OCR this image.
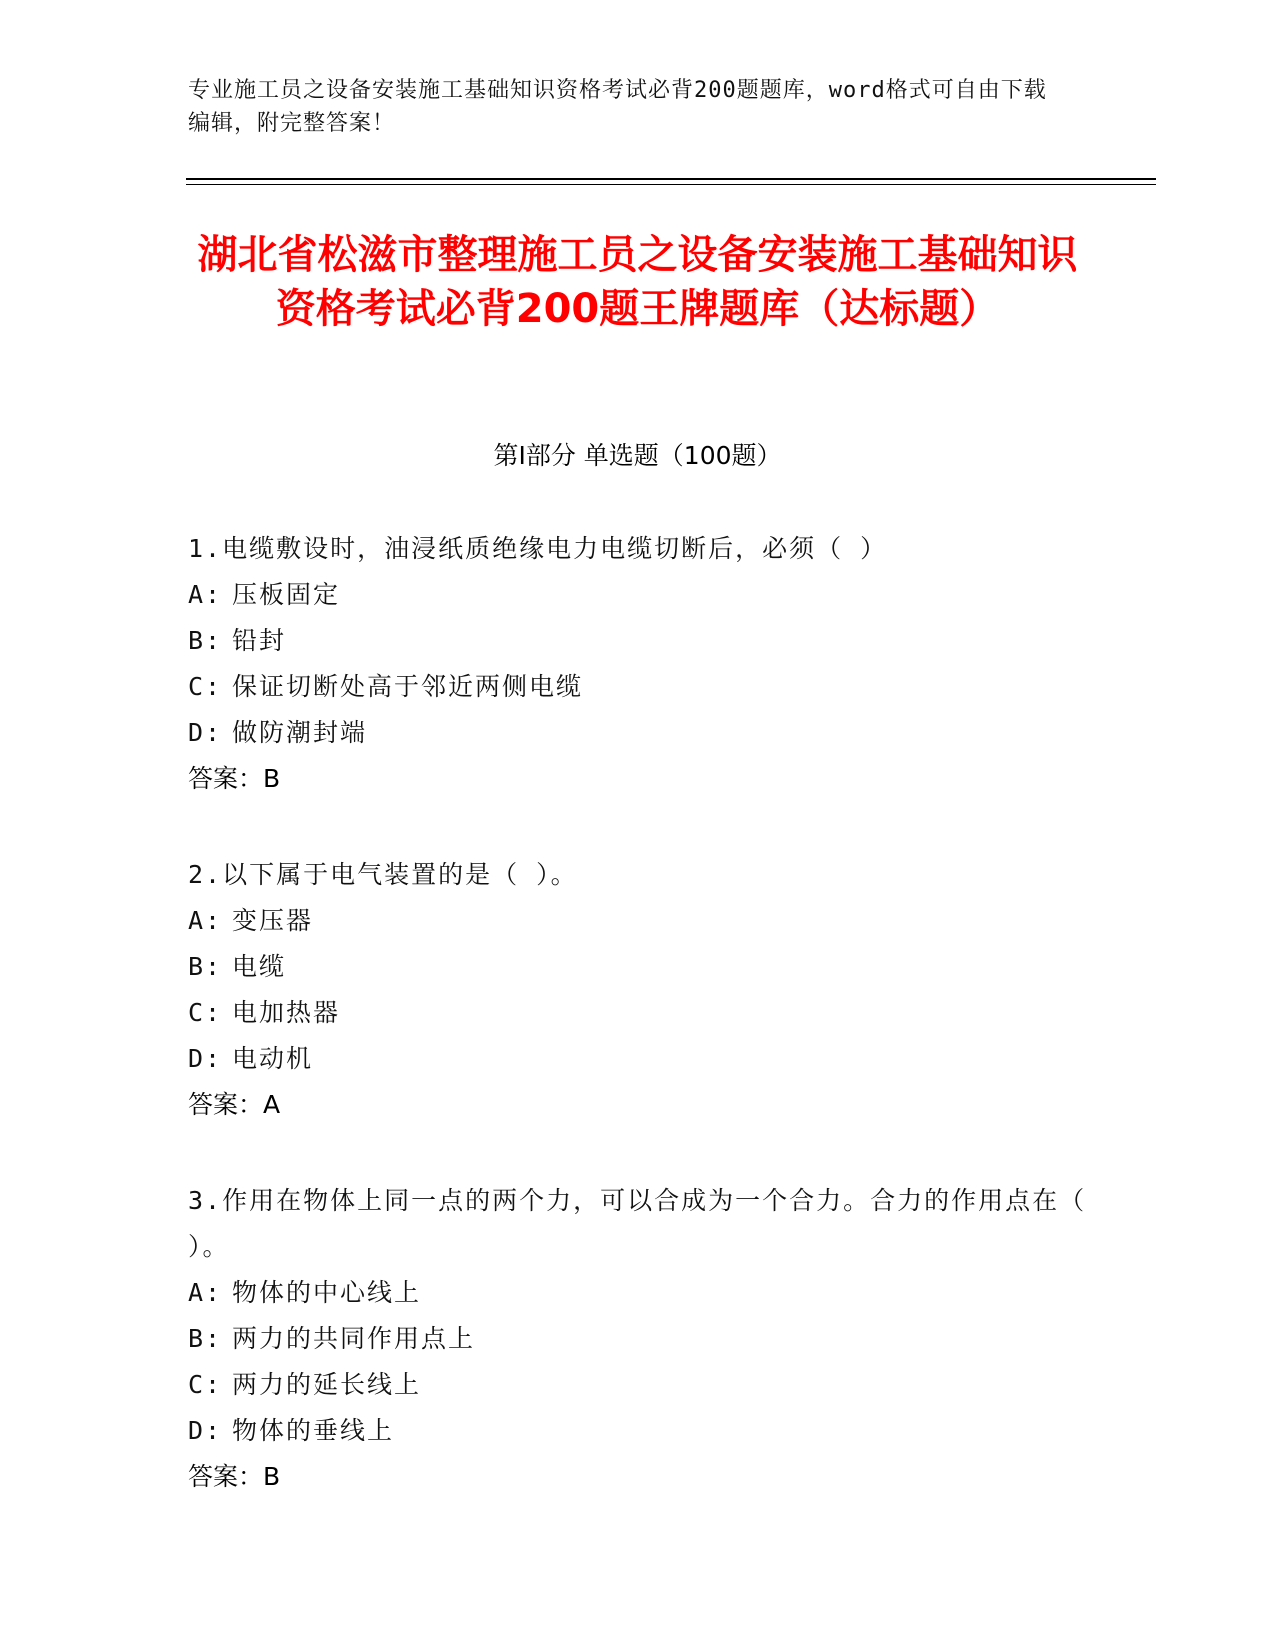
专业施工员之设备安装施工基础知识资格考试必背200题题库，word格式可自由下载编辑，附完整答案！
湖北省松滋市整理施工员之设备安装施工基础知识资格考试必背200题王牌题库（达标题）
第Ⅰ部分 单选题（100题）
1.电缆敷设时，油浸纸质绝缘电力电缆切断后，必须（ ）
A: 压板固定
B: 铅封
C: 保证切断处高于邻近两侧电缆
D: 做防潮封端
答案：B
2.以下属于电气装置的是（ ）。
A: 变压器
B: 电缆
C: 电加热器
D: 电动机
答案：A
3.作用在物体上同一点的两个力，可以合成为一个合力。合力的作用点在（ ）。
A: 物体的中心线上
B: 两力的共同作用点上
C: 两力的延长线上
D: 物体的垂线上
答案：B
